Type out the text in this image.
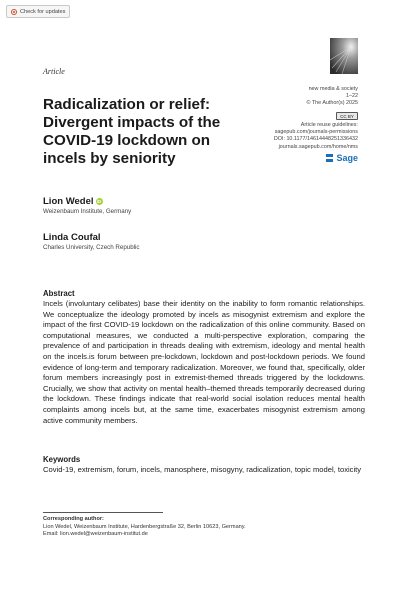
Check for updates
Article
new media & society
1–22
© The Author(s) 2025
CC BY
Article reuse guidelines:
sagepub.com/journals-permissions
DOI: 10.1177/14614448251336432
journals.sagepub.com/home/nms
Sage
Radicalization or relief: Divergent impacts of the COVID-19 lockdown on incels by seniority
Lion Wedel iD
Weizenbaum Institute, Germany
Linda Coufal
Charles University, Czech Republic
Abstract

Incels (involuntary celibates) base their identity on the inability to form romantic relationships. We conceptualize the ideology promoted by incels as misogynist extremism and explore the impact of the first COVID-19 lockdown on the radicalization of this online community. Based on computational measures, we conducted a multi-perspective exploration, comparing the prevalence of and participation in threads dealing with extremism, ideology and mental health on the incels.is forum between pre-lockdown, lockdown and post-lockdown periods. We found evidence of long-term and temporary radicalization. Moreover, we found that, specifically, older forum members increasingly post in extremist-themed threads triggered by the lockdowns. Crucially, we show that activity on mental health–themed threads temporarily decreased during the lockdown. These findings indicate that real-world social isolation reduces mental health complaints among incels but, at the same time, exacerbates misogynist extremism among active community members.

Keywords

Covid-19, extremism, forum, incels, manosphere, misogyny, radicalization, topic model, toxicity

Corresponding author:
Lion Wedel, Weizenbaum Institute, Hardenbergstraße 32, Berlin 10623, Germany.
Email: lion.wedel@weizenbaum-institut.de
